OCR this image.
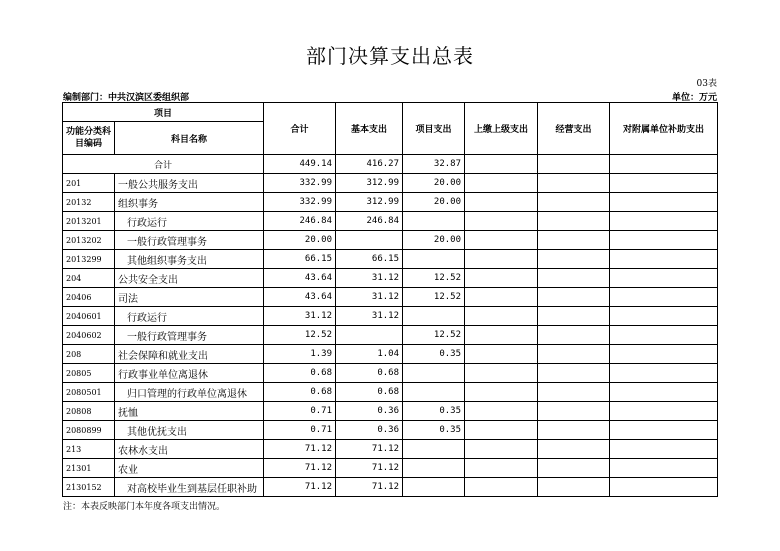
部门决算支出总表
03表
编制部门：中共汉滨区委组织部	单位：万元
项目		合计	基本支出	项目支出	上缴上级支出	经营支出	对附属单位补助支出
功能分类科目编码	科目名称						
合计		449.14	416.27	32.87			
201	一般公共服务支出	332.99	312.99	20.00			
20132	组织事务	332.99	312.99	20.00			
2013201	行政运行	246.84	246.84				
2013202	一般行政管理事务	20.00		20.00			
2013299	其他组织事务支出	66.15	66.15				
204	公共安全支出	43.64	31.12	12.52			
20406	司法	43.64	31.12	12.52			
2040601	行政运行	31.12	31.12				
2040602	一般行政管理事务	12.52		12.52			
208	社会保障和就业支出	1.39	1.04	0.35			
20805	行政事业单位离退休	0.68	0.68				
2080501	归口管理的行政单位离退休	0.68	0.68				
20808	抚恤	0.71	0.36	0.35			
2080899	其他优抚支出	0.71	0.36	0.35			
213	农林水支出	71.12	71.12				
21301	农业	71.12	71.12				
2130152	对高校毕业生到基层任职补助	71.12	71.12				
注：本表反映部门本年度各项支出情况。
